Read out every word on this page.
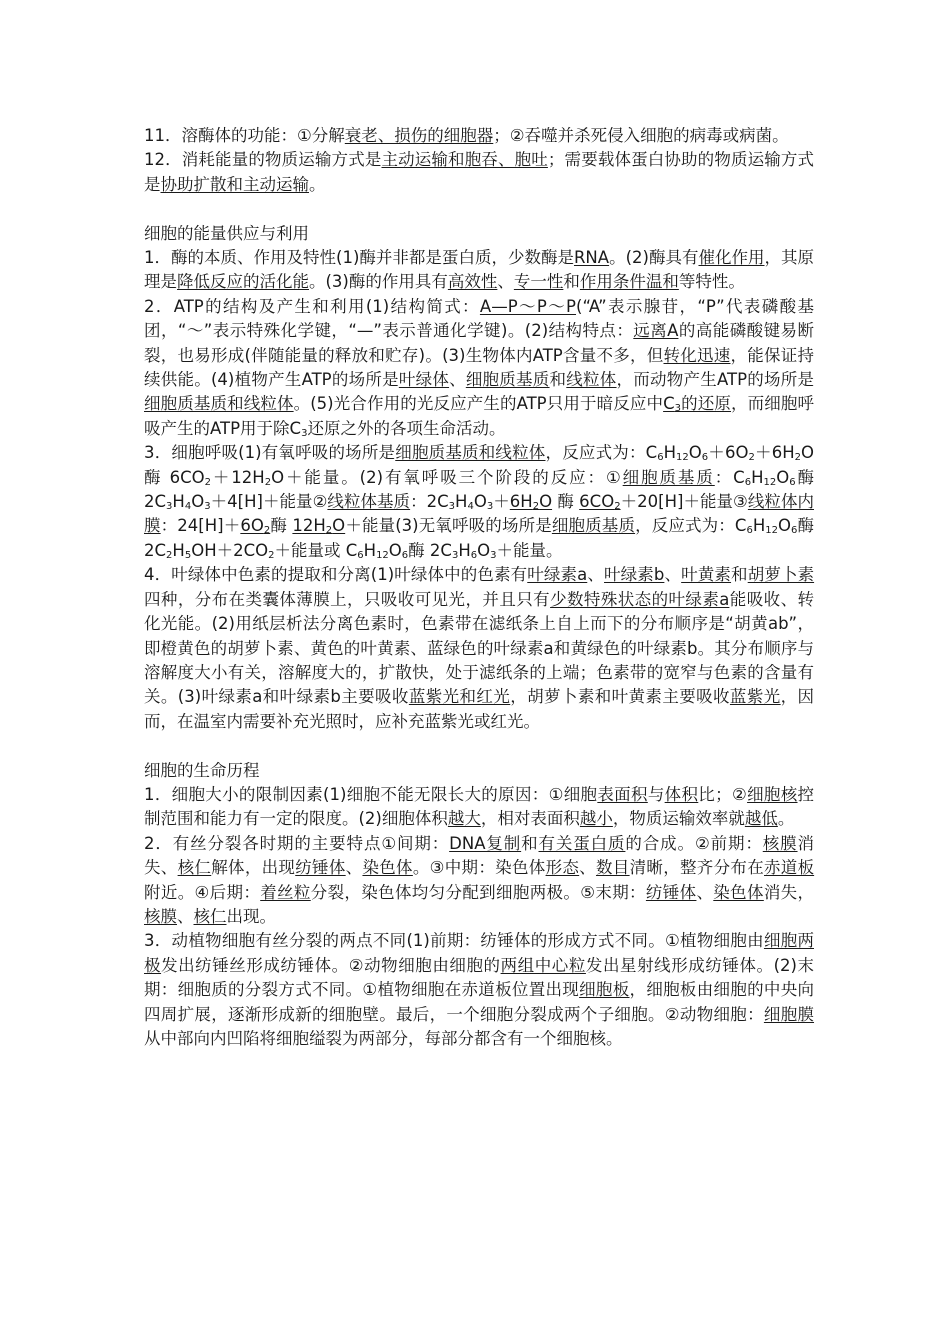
11．溶酶体的功能：①分解衰老、损伤的细胞器；②吞噬并杀死侵入细胞的病毒或病菌。

12．消耗能量的物质运输方式是主动运输和胞吞、胞吐；需要载体蛋白协助的物质运输方式是协助扩散和主动运输。

细胞的能量供应与利用

1．酶的本质、作用及特性(1)酶并非都是蛋白质，少数酶是RNA。(2)酶具有催化作用，其原理是降低反应的活化能。(3)酶的作用具有高效性、专一性和作用条件温和等特性。

2．ATP的结构及产生和利用(1)结构简式：A—P～P～P(“A”表示腺苷，“P”代表磷酸基团，“～”表示特殊化学键，“—”表示普通化学键)。(2)结构特点：远离A的高能磷酸键易断裂，也易形成(伴随能量的释放和贮存)。(3)生物体内ATP含量不多，但转化迅速，能保证持续供能。(4)植物产生ATP的场所是叶绿体、细胞质基质和线粒体，而动物产生ATP的场所是细胞质基质和线粒体。(5)光合作用的光反应产生的ATP只用于暗反应中$C_3$的还原，而细胞呼吸产生的ATP用于除$C_3$还原之外的各项生命活动。

3．细胞呼吸(1)有氧呼吸的场所是细胞质基质和线粒体，反应式为：$C_6H_{12}O_6+6O_2+6H_2O$ 酶 $6CO_2+12H_2O+$能量。(2)有氧呼吸三个阶段的反应：①细胞质基质：$C_6H_{12}O_6$酶 $2C_3H_4O_3+4[H]+$能量②线粒体基质：$2C_3H_4O_3+6H_2O$ 酶 $6CO_2+20[H]+$能量③线粒体内膜：$24[H]+6O_2$酶 $12H_2O+$能量(3)无氧呼吸的场所是细胞质基质，反应式为：$C_6H_{12}O_6$酶 $2C_2H_5OH+2CO_2+$能量或 $C_6H_{12}O_6$酶 $2C_3H_6O_3+$能量。

4．叶绿体中色素的提取和分离(1)叶绿体中的色素有叶绿素a、叶绿素b、叶黄素和胡萝卜素四种，分布在类囊体薄膜上，只吸收可见光，并且只有少数特殊状态的叶绿素a能吸收、转化光能。(2)用纸层析法分离色素时，色素带在滤纸条上自上而下的分布顺序是“胡黄ab”，即橙黄色的胡萝卜素、黄色的叶黄素、蓝绿色的叶绿素a和黄绿色的叶绿素b。其分布顺序与溶解度大小有关，溶解度大的，扩散快，处于滤纸条的上端；色素带的宽窄与色素的含量有关。(3)叶绿素a和叶绿素b主要吸收蓝紫光和红光，胡萝卜素和叶黄素主要吸收蓝紫光，因而，在温室内需要补充光照时，应补充蓝紫光或红光。

细胞的生命历程

1．细胞大小的限制因素(1)细胞不能无限长大的原因：①细胞表面积与体积比；②细胞核控制范围和能力有一定的限度。(2)细胞体积越大，相对表面积越小，物质运输效率就越低。

2．有丝分裂各时期的主要特点①间期：DNA复制和有关蛋白质的合成。②前期：核膜消失、核仁解体，出现纺锤体、染色体。③中期：染色体形态、数目清晰，整齐分布在赤道板附近。④后期：着丝粒分裂，染色体均匀分配到细胞两极。⑤末期：纺锤体、染色体消失，核膜、核仁出现。

3．动植物细胞有丝分裂的两点不同(1)前期：纺锤体的形成方式不同。①植物细胞由细胞两极发出纺锤丝形成纺锤体。②动物细胞由细胞的两组中心粒发出星射线形成纺锤体。(2)末期：细胞质的分裂方式不同。①植物细胞在赤道板位置出现细胞板，细胞板由细胞的中央向四周扩展，逐渐形成新的细胞壁。最后，一个细胞分裂成两个子细胞。②动物细胞：细胞膜从中部向内凹陷将细胞缢裂为两部分，每部分都含有一个细胞核。
